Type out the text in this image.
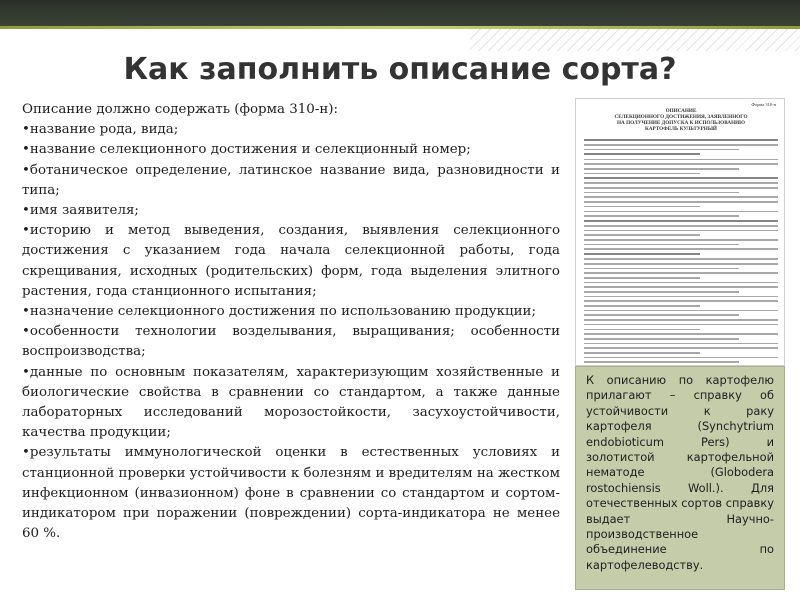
Как заполнить описание сорта?

Описание должно содержать (форма 310-н):

•название рода, вида;

•название селекционного достижения и селекционный номер;

•ботаническое определение, латинское название вида, разновидности и типа;

•имя заявителя;

•историю и метод выведения, создания, выявления селекционного достижения с указанием года начала селекционной работы, года скрещивания, исходных (родительских) форм, года выделения элитного растения, года станционного испытания;

•назначение селекционного достижения по использованию продукции;

•особенности технологии возделывания, выращивания; особенности воспроизводства;

•данные по основным показателям, характеризующим хозяйственные и биологические свойства в сравнении со стандартом, а также данные лабораторных исследований морозостойкости, засухоустойчивости, качества продукции;

•результаты иммунологической оценки в естественных условиях и станционной проверки устойчивости к болезням и вредителям на жестком инфекционном (инвазионном) фоне в сравнении со стандартом и сортом-индикатором при поражении (повреждении) сорта-индикатора не менее 60 %.

Форма 310-н
ОПИСАНИЕ
СЕЛЕКЦИОННОГО ДОСТИЖЕНИЯ, ЗАЯВЛЕННОГО
НА ПОЛУЧЕНИЕ ДОПУСКА К ИСПОЛЬЗОВАНИЮ
КАРТОФЕЛЬ КУЛЬТУРНЫЙ
К описанию по картофелю прилагают – справку об устойчивости к раку картофеля (Synchytrium endobioticum Pers) и золотистой картофельной нематоде (Globodera rostochiensis Woll.). Для отечественных сортов справку выдает Научно-производственное объединение по картофелеводству.
